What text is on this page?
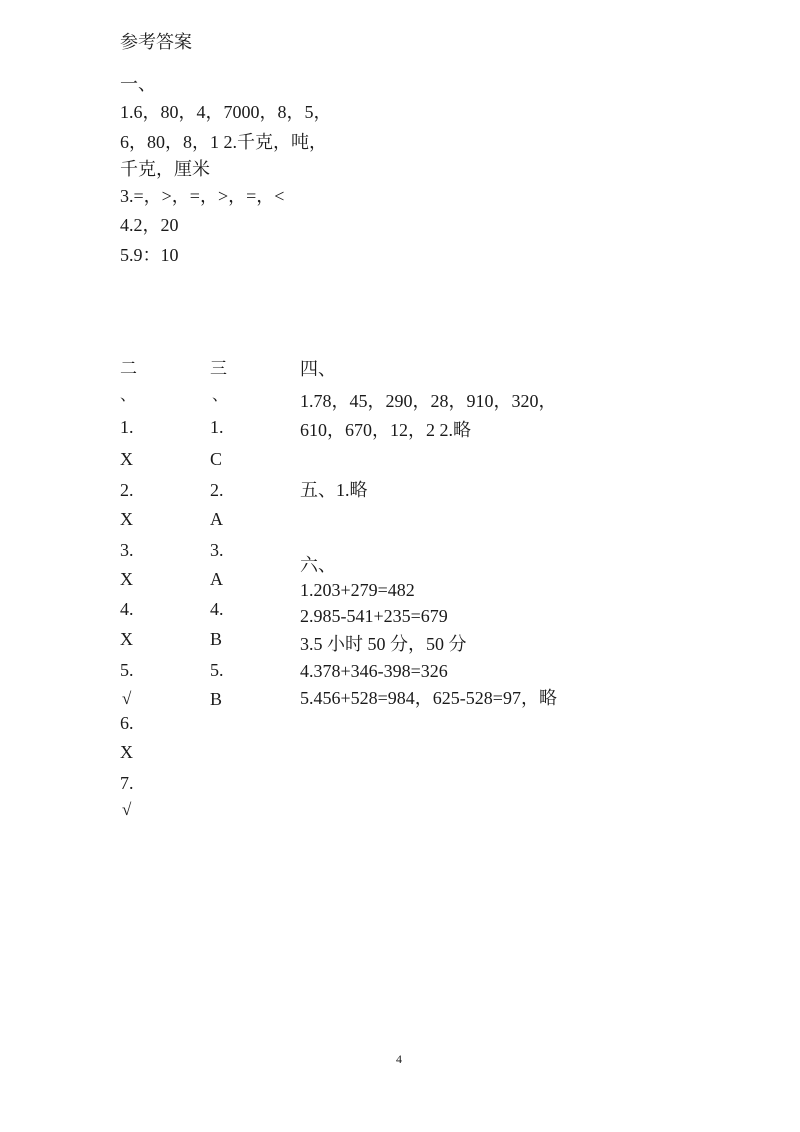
参考答案
一、
1.6，80，4，7000，8，5，
6，80，8，1 2.千克，吨，
千克，厘米
3.=，>，=，>，=，<
4.2，20
5.9：10
二
、
1.
X
2.
X
3.
X
4.
X
5.
√
6.
X
7.
√
三
、
1.
C
2.
A
3.
A
4.
B
5.
B
四、
1.78，45，290，28，910，320，
610，670，12，2 2.略
五、1.略
六、
1.203+279=482
2.985-541+235=679
3.5 小时 50 分，50 分
4.378+346-398=326
5.456+528=984，625-528=97，略
4
